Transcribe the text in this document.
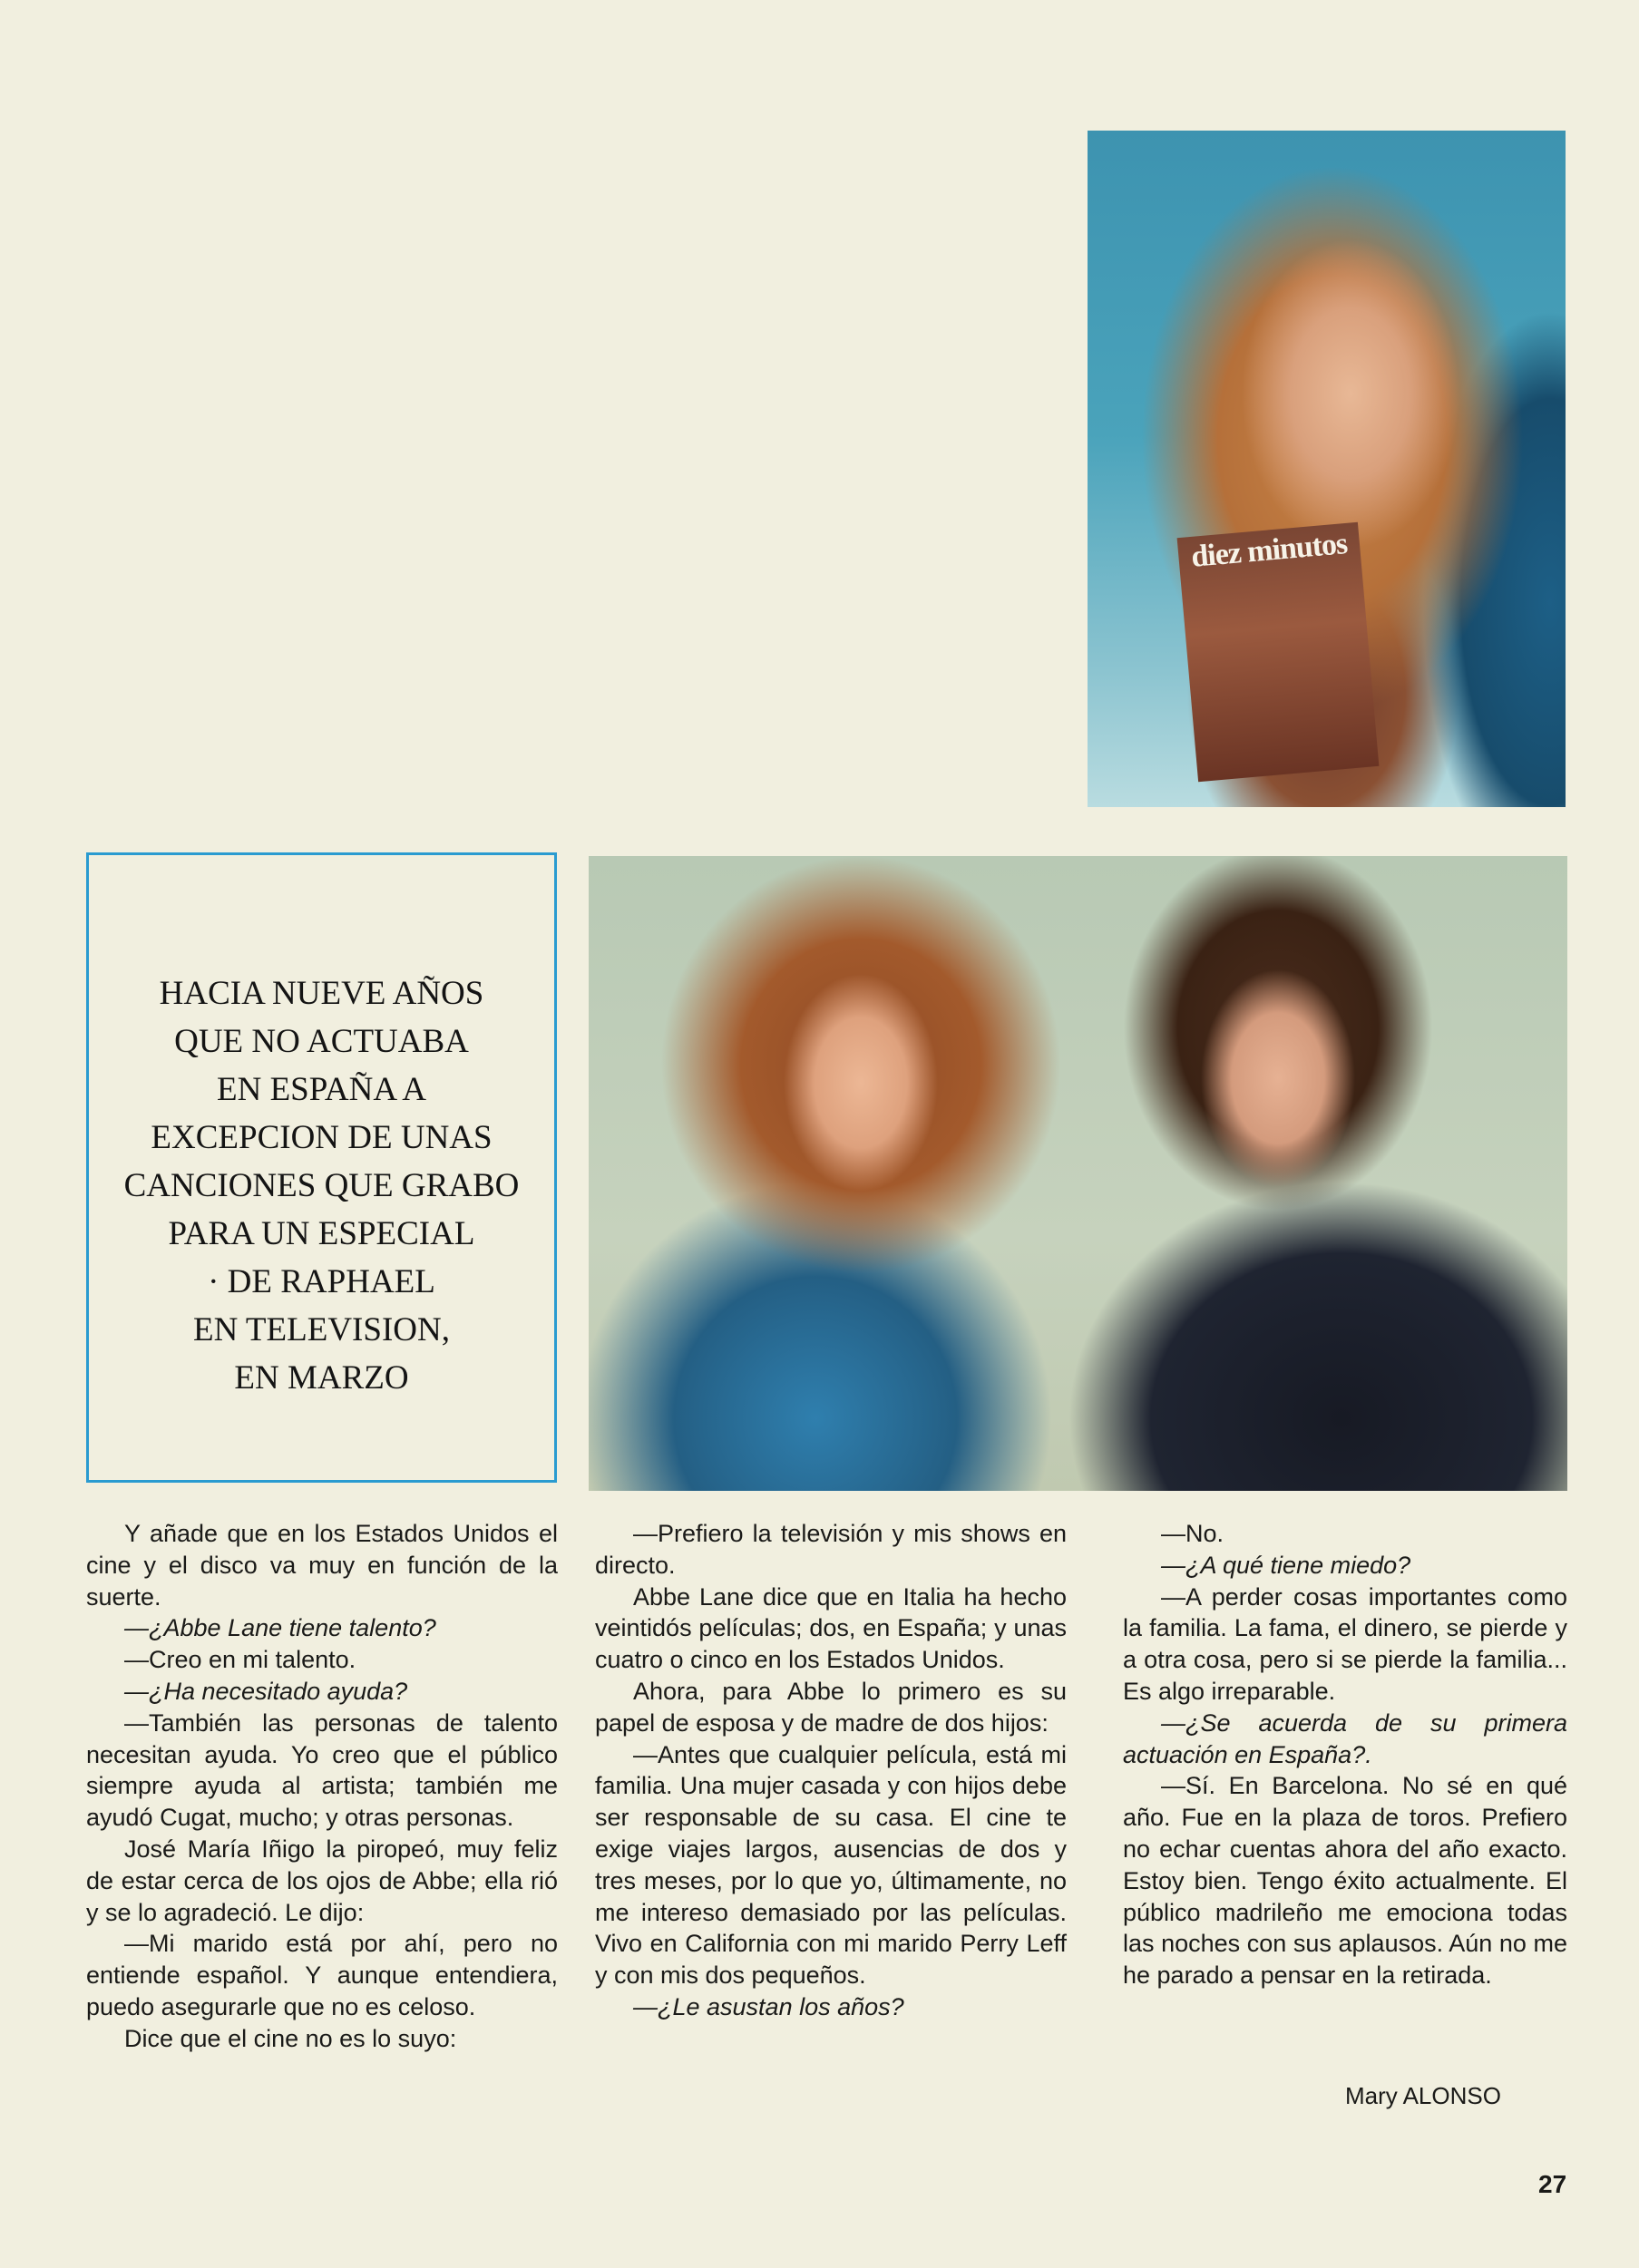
diez minutos
HACIA NUEVE AÑOS
QUE NO ACTUABA
EN ESPAÑA A
EXCEPCION DE UNAS
CANCIONES QUE GRABO
PARA UN ESPECIAL
· DE RAPHAEL
EN TELEVISION,
EN MARZO

Y añade que en los Estados Unidos el cine y el disco va muy en función de la suerte.

—¿Abbe Lane tiene talento?

—Creo en mi talento.

—¿Ha necesitado ayuda?

—También las personas de talento necesitan ayuda. Yo creo que el público siempre ayuda al artista; también me ayudó Cugat, mucho; y otras personas.

José María Iñigo la piropeó, muy feliz de estar cerca de los ojos de Abbe; ella rió y se lo agradeció. Le dijo:

—Mi marido está por ahí, pero no entiende español. Y aunque entendiera, puedo asegurarle que no es celoso.

Dice que el cine no es lo suyo:

—Prefiero la televisión y mis shows en directo.

Abbe Lane dice que en Italia ha hecho veintidós películas; dos, en España; y unas cuatro o cinco en los Estados Unidos.

Ahora, para Abbe lo primero es su papel de esposa y de madre de dos hijos:

—Antes que cualquier película, está mi familia. Una mujer casada y con hijos debe ser responsable de su casa. El cine te exige viajes largos, ausencias de dos y tres meses, por lo que yo, últimamente, no me intereso demasiado por las películas. Vivo en California con mi marido Perry Leff y con mis dos pequeños.

—¿Le asustan los años?

—No.

—¿A qué tiene miedo?

—A perder cosas importantes como la familia. La fama, el dinero, se pierde y a otra cosa, pero si se pierde la familia... Es algo irreparable.

—¿Se acuerda de su primera actuación en España?.

—Sí. En Barcelona. No sé en qué año. Fue en la plaza de toros. Prefiero no echar cuentas ahora del año exacto. Estoy bien. Tengo éxito actualmente. El público madrileño me emociona todas las noches con sus aplausos. Aún no me he parado a pensar en la retirada.

Mary ALONSO
27
